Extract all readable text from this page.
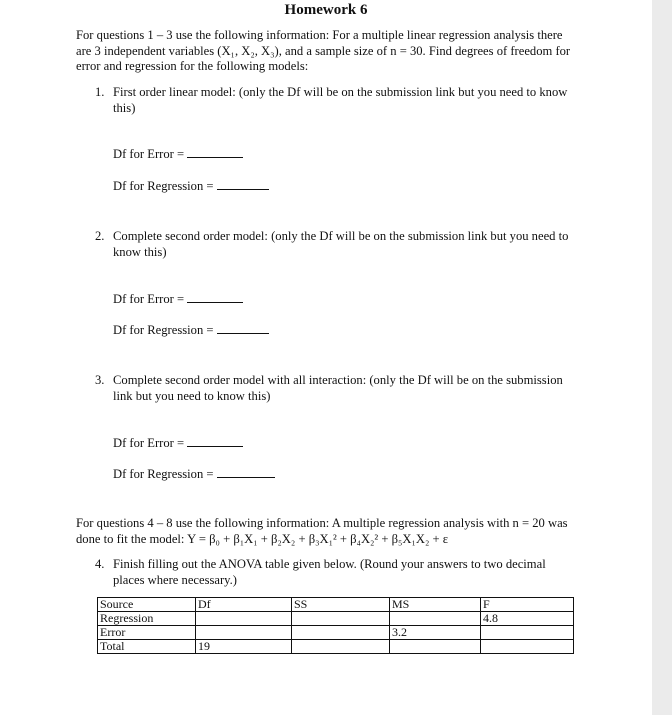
Homework 6
For questions 1 – 3 use the following information: For a multiple linear regression analysis there are 3 independent variables (X₁, X₂, X₃), and a sample size of n = 30. Find degrees of freedom for error and regression for the following models:
1. First order linear model: (only the Df will be on the submission link but you need to know this)
Df for Error =
Df for Regression =
2. Complete second order model: (only the Df will be on the submission link but you need to know this)
Df for Error =
Df for Regression =
3. Complete second order model with all interaction: (only the Df will be on the submission link but you need to know this)
Df for Error =
Df for Regression =
For questions 4 – 8 use the following information: A multiple regression analysis with n = 20 was done to fit the model: Y = β₀ + β₁X₁ + β₂X₂ + β₃X₁² + β₄X₂² + β₅X₁X₂ + ε
4. Finish filling out the ANOVA table given below. (Round your answers to two decimal places where necessary.)
Source	Df	SS	MS	F
Regression				4.8
Error			3.2	
Total	19			
